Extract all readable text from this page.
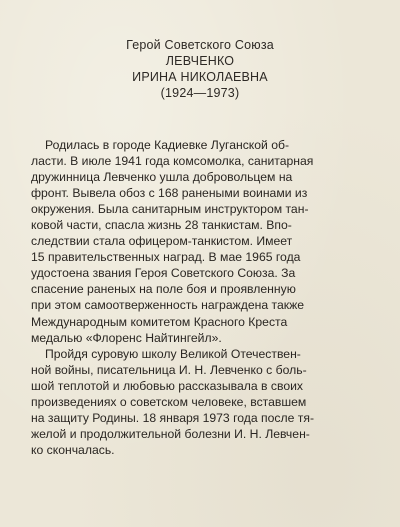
Герой Советского Союза
ЛЕВЧЕНКО
ИРИНА НИКОЛАЕВНА
(1924—1973)
Родилась в городе Кадиевке Луганской об-
ласти. В июле 1941 года комсомолка, санитарная
дружинница Левченко ушла добровольцем на
фронт. Вывела обоз с 168 ранеными воинами из
окружения. Была санитарным инструктором тан-
ковой части, спасла жизнь 28 танкистам. Впо-
следствии стала офицером-танкистом. Имеет
15 правительственных наград. В мае 1965 года
удостоена звания Героя Советского Союза. За
спасение раненых на поле боя и проявленную
при этом самоотверженность награждена также
Международным комитетом Красного Креста
медалью «Флоренс Найтингейл».
Пройдя суровую школу Великой Отечествен-
ной войны, писательница И. Н. Левченко с боль-
шой теплотой и любовью рассказывала в своих
произведениях о советском человеке, вставшем
на защиту Родины. 18 января 1973 года после тя-
желой и продолжительной болезни И. Н. Левчен-
ко скончалась.
